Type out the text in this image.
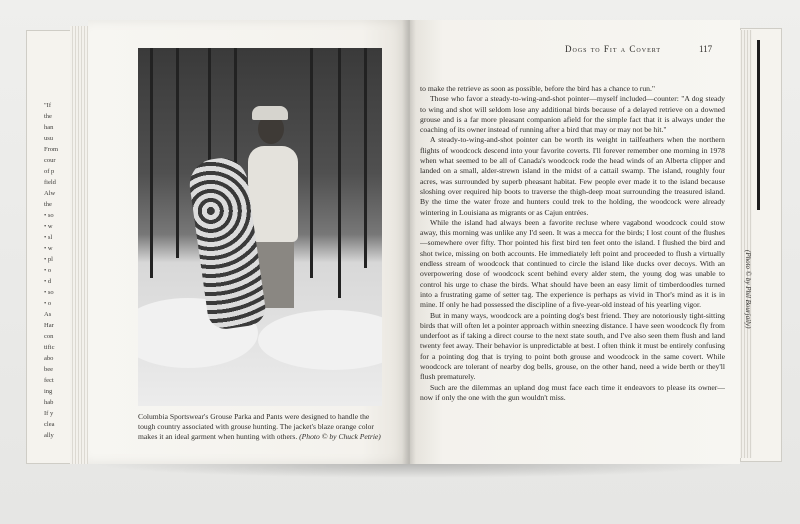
"If
the
han
usu
From
cour
of p
field
Alw
the
• so
• w
• sl
• w
• pl
• o
• d
• so
• o
As
Har
con
tific
abo
bee
fect
ing
hab
If y
clea
ally
(Photo © by Phil Bourjaily)
Columbia Sportswear's Grouse Parka and Pants were designed to handle the tough country associated with grouse hunting. The jacket's blaze orange color makes it an ideal garment when hunting with others. (Photo © by Chuck Petrie)
Dogs to Fit a Covert	117

to make the retrieve as soon as possible, before the bird has a chance to run."

Those who favor a steady-to-wing-and-shot pointer—myself included—counter: "A dog steady to wing and shot will seldom lose any additional birds because of a delayed retrieve on a downed grouse and is a far more pleasant companion afield for the simple fact that it is always under the coaching of its owner instead of running after a bird that may or may not be hit."

A steady-to-wing-and-shot pointer can be worth its weight in tailfeathers when the northern flights of woodcock descend into your favorite coverts. I'll forever remember one morning in 1978 when what seemed to be all of Canada's woodcock rode the head winds of an Alberta clipper and landed on a small, alder-strewn island in the midst of a cattail swamp. The island, roughly four acres, was surrounded by superb pheasant habitat. Few people ever made it to the island because sloshing over required hip boots to traverse the thigh-deep moat surrounding the treasured island. By the time the water froze and hunters could trek to the holding, the woodcock were already wintering in Louisiana as migrants or as Cajun entrées.

While the island had always been a favorite recluse where vagabond woodcock could stow away, this morning was unlike any I'd seen. It was a mecca for the birds; I lost count of the flushes—somewhere over fifty. Thor pointed his first bird ten feet onto the island. I flushed the bird and shot twice, missing on both accounts. He immediately left point and proceeded to flush a virtually endless stream of woodcock that continued to circle the island like ducks over decoys. With an overpowering dose of woodcock scent behind every alder stem, the young dog was unable to control his urge to chase the birds. What should have been an easy limit of timberdoodles turned into a frustrating game of setter tag. The experience is perhaps as vivid in Thor's mind as it is in mine. If only he had possessed the discipline of a five-year-old instead of his yearling vigor.

But in many ways, woodcock are a pointing dog's best friend. They are notoriously tight-sitting birds that will often let a pointer approach within sneezing distance. I have seen woodcock fly from underfoot as if taking a direct course to the next state south, and I've also seen them flush and land twenty feet away. Their behavior is unpredictable at best. I often think it must be entirely confusing for a pointing dog that is trying to point both grouse and woodcock in the same covert. While woodcock are tolerant of nearby dog bells, grouse, on the other hand, need a wide berth or they'll flush prematurely.

Such are the dilemmas an upland dog must face each time it endeavors to please its owner—now if only the one with the gun wouldn't miss.
